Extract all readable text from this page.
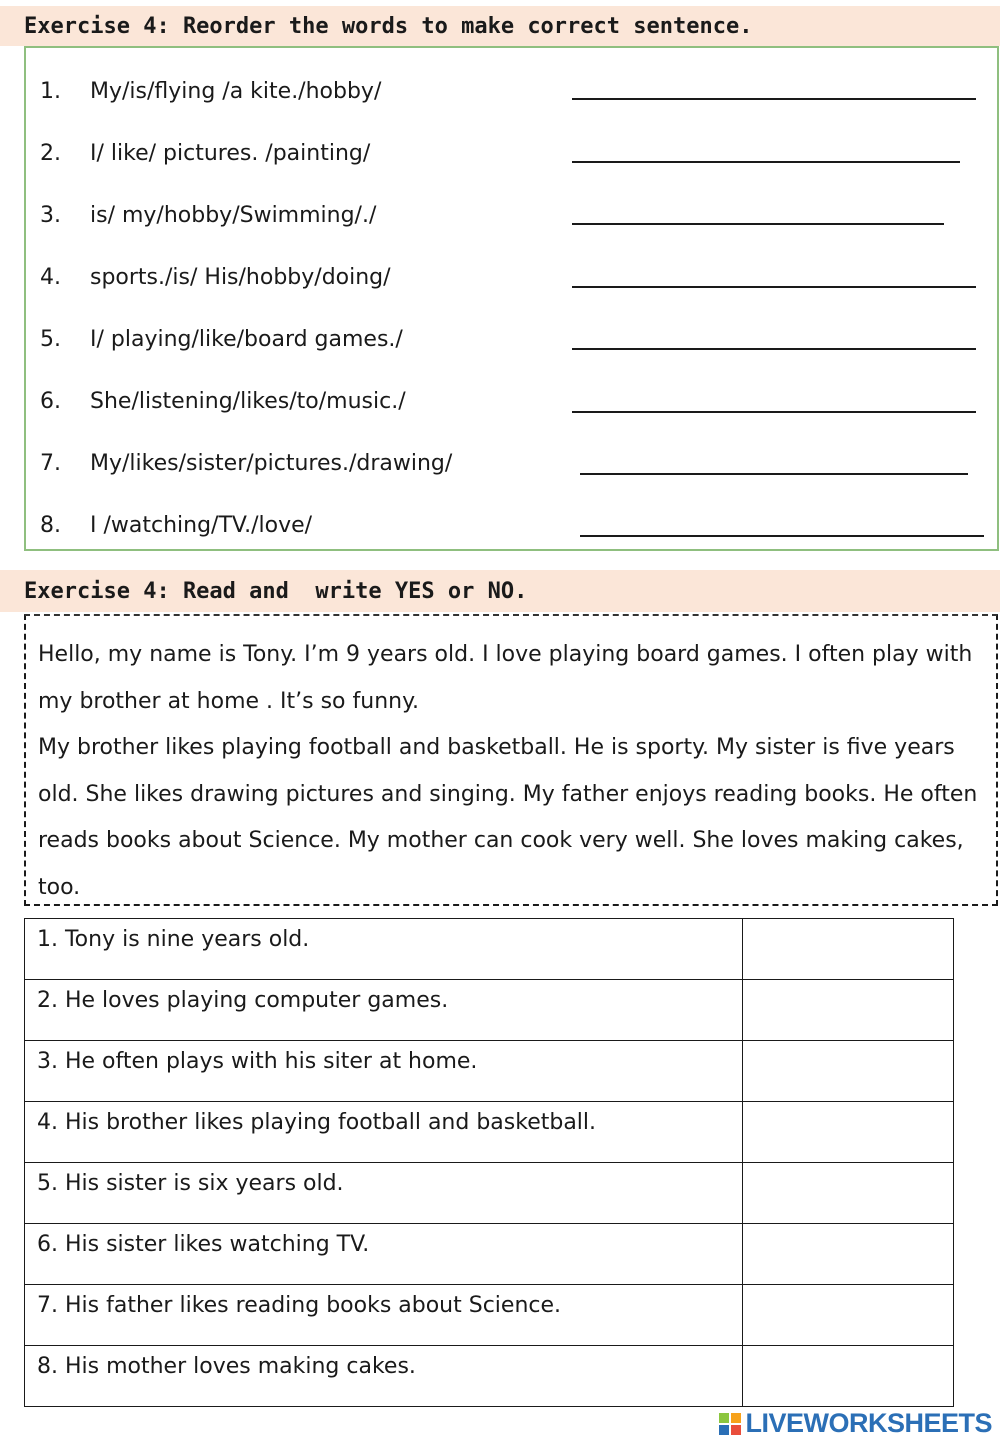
Exercise 4: Reorder the words to make correct sentence.
1.	My/is/flying /a kite./hobby/
2.	I/ like/ pictures. /painting/
3.	is/ my/hobby/Swimming/./
4.	sports./is/ His/hobby/doing/
5.	I/ playing/like/board games./
6.	She/listening/likes/to/music./
7.	My/likes/sister/pictures./drawing/
8.	I /watching/TV./love/
Exercise 4: Read and  write YES or NO.

Hello, my name is Tony. I’m 9 years old. I love playing board games. I often play with my brother at home . It’s so funny.

My brother likes playing football and basketball. He is sporty. My sister is five years old. She likes drawing pictures and singing. My father enjoys reading books. He often reads books about Science. My mother can cook very well. She loves making cakes, too.

1. Tony is nine years old.	
2. He loves playing computer games.	
3. He often plays with his siter at home.	
4. His brother likes playing football and basketball.	
5. His sister is six years old.	
6. His sister likes watching TV.	
7. His father likes reading books about Science.	
8. His mother loves making cakes.	
LIVEWORKSHEETS
